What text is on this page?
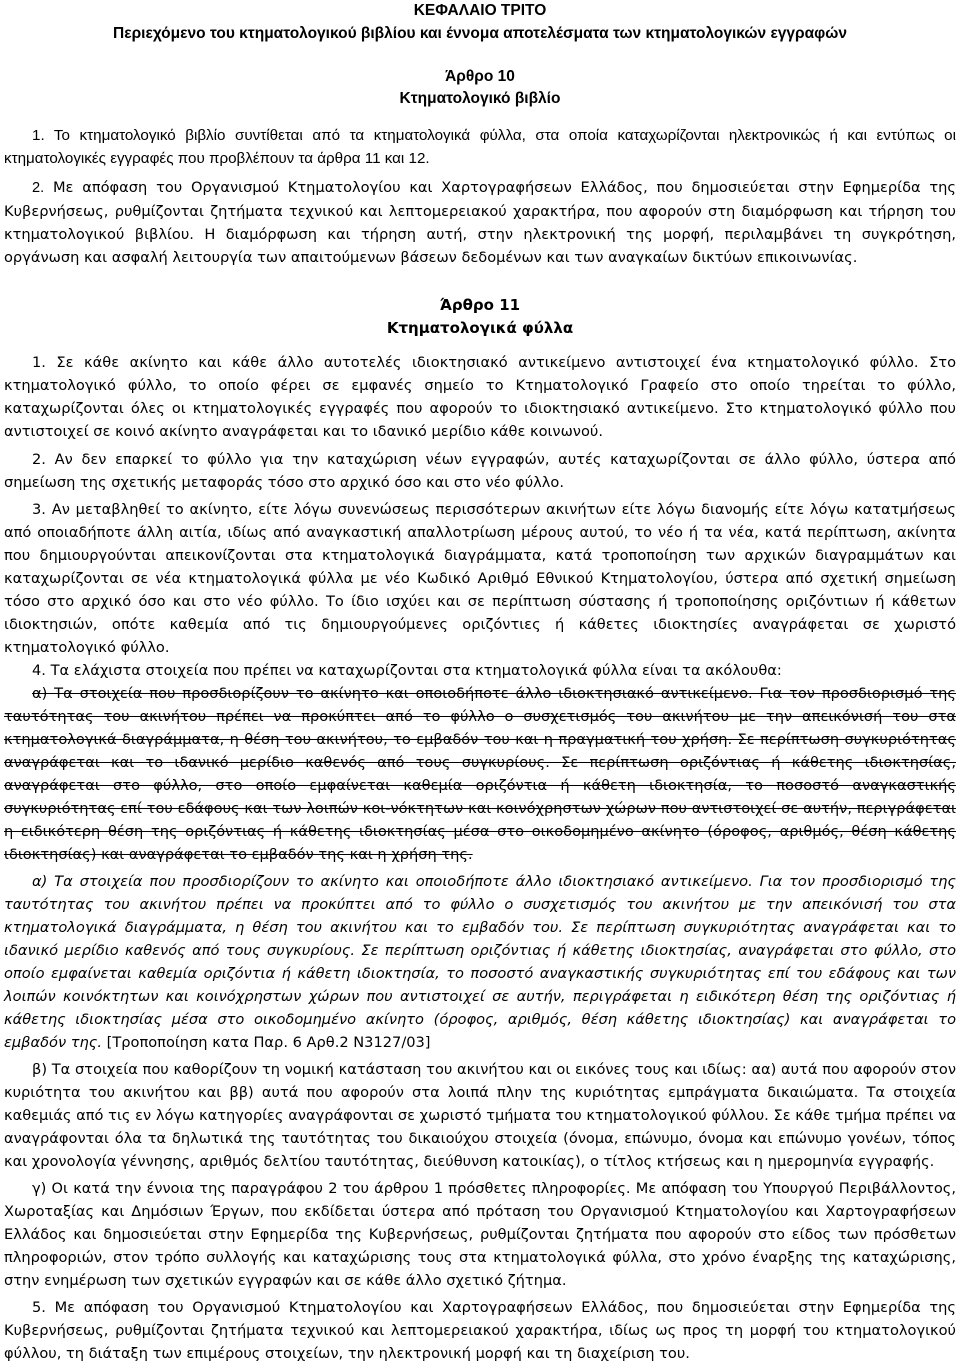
ΚΕΦΑΛΑΙΟ ΤΡΙΤΟ
Περιεχόμενο του κτηματολογικού βιβλίου και έννομα αποτελέσματα των κτηματολογικών εγγραφών
Άρθρο 10
Κτηματολογικό βιβλίο

1. Το κτηματολογικό βιβλίο συντίθεται από τα κτηματολογικά φύλλα, στα οποία καταχωρίζονται ηλεκτρονικώς ή και εντύπως οι κτηματολογικές εγγραφές που προβλέπουν τα άρθρα 11 και 12.

2. Με απόφαση του Οργανισμού Κτηματολογίου και Χαρτογραφήσεων Ελλάδος, που δημοσιεύεται στην Εφημερίδα της Κυβερνήσεως, ρυθμίζονται ζητήματα τεχνικού και λεπτομερειακού χαρακτήρα, που αφορούν στη διαμόρφωση και τήρηση του κτηματολογικού βιβλίου. Η διαμόρφωση και τήρηση αυτή, στην ηλεκτρονική της μορφή, περιλαμβάνει τη συγκρότηση, οργάνωση και ασφαλή λειτουργία των απαιτούμενων βάσεων δεδομένων και των αναγκαίων δικτύων επικοινωνίας.

Άρθρο 11
Κτηματολογικά φύλλα

1. Σε κάθε ακίνητο και κάθε άλλο αυτοτελές ιδιοκτησιακό αντικείμενο αντιστοιχεί ένα κτηματολογικό φύλλο. Στο κτηματολογικό φύλλο, το οποίο φέρει σε εμφανές σημείο το Κτηματολογικό Γραφείο στο οποίο τηρείται το φύλλο, καταχωρίζονται όλες οι κτηματολογικές εγγραφές που αφορούν το ιδιοκτησιακό αντικείμενο. Στο κτηματολογικό φύλλο που αντιστοιχεί σε κοινό ακίνητο αναγράφεται και το ιδανικό μερίδιο κάθε κοινωνού.

2. Αν δεν επαρκεί το φύλλο για την καταχώριση νέων εγγραφών, αυτές καταχωρίζονται σε άλλο φύλλο, ύστερα από σημείωση της σχετικής μεταφοράς τόσο στο αρχικό όσο και στο νέο φύλλο.

3. Αν μεταβληθεί το ακίνητο, είτε λόγω συνενώσεως περισσότερων ακινήτων είτε λόγω διανομής είτε λόγω κατατμήσεως από οποιαδήποτε άλλη αιτία, ιδίως από αναγκαστική απαλλοτρίωση μέρους αυτού, το νέο ή τα νέα, κατά περίπτωση, ακίνητα που δημιουργούνται απεικονίζονται στα κτηματολογικά διαγράμματα, κατά τροποποίηση των αρχικών διαγραμμάτων και καταχωρίζονται σε νέα κτηματολογικά φύλλα με νέο Κωδικό Αριθμό Εθνικού Κτηματολογίου, ύστερα από σχετική σημείωση τόσο στο αρχικό όσο και στο νέο φύλλο. Το ίδιο ισχύει και σε περίπτωση σύστασης ή τροποποίησης οριζόντιων ή κάθετων ιδιοκτησιών, οπότε καθεμία από τις δημιουργούμενες οριζόντιες ή κάθετες ιδιοκτησίες αναγράφεται σε χωριστό κτηματολογικό φύλλο.

4. Τα ελάχιστα στοιχεία που πρέπει να καταχωρίζονται στα κτηματολογικά φύλλα είναι τα ακόλουθα:

α) Τα στοιχεία που προσδιορίζουν το ακίνητο και οποιοδήποτε άλλο ιδιοκτησιακό αντικείμενο. Για τον προσδιορισμό της ταυτότητας του ακινήτου πρέπει να προκύπτει από το φύλλο ο συσχετισμός του ακινήτου με την απεικόνισή του στα κτηματολογικά διαγράμματα, η θέση του ακινήτου, το εμβαδόν του και η πραγματική του χρήση. Σε περίπτωση συγκυριότητας αναγράφεται και το ιδανικό μερίδιο καθενός από τους συγκυρίους. Σε περίπτωση οριζόντιας ή κάθετης ιδιοκτησίας, αναγράφεται στο φύλλο, στο οποίο εμφαίνεται καθεμία οριζόντια ή κάθετη ιδιοκτησία, το ποσοστό αναγκαστικής συγκυριότητας επί του εδάφους και των λοιπών κοι-νόκτητων και κοινόχρηστων χώρων που αντιστοιχεί σε αυτήν, περιγράφεται η ειδικότερη θέση της οριζόντιας ή κάθετης ιδιοκτησίας μέσα στο οικοδομημένο ακίνητο (όροφος, αριθμός, θέση κάθετης ιδιοκτησίας) και αναγράφεται το εμβαδόν της και η χρήση της.

α) Τα στοιχεία που προσδιορίζουν το ακίνητο και οποιοδήποτε άλλο ιδιοκτησιακό αντικείμενο. Για τον προσδιορισμό της ταυτότητας του ακινήτου πρέπει να προκύπτει από το φύλλο ο συσχετισμός του ακινήτου με την απεικόνισή του στα κτηματολογικά διαγράμματα, η θέση του ακινήτου και το εμβαδόν του. Σε περίπτωση συγκυριότητας αναγράφεται και το ιδανικό μερίδιο καθενός από τους συγκυρίους. Σε περίπτωση οριζόντιας ή κάθετης ιδιοκτησίας, αναγράφεται στο φύλλο, στο οποίο εμφαίνεται καθεμία οριζόντια ή κάθετη ιδιοκτησία, το ποσοστό αναγκαστικής συγκυριότητας επί του εδάφους και των λοιπών κοινόκτητων και κοινόχρηστων χώρων που αντιστοιχεί σε αυτήν, περιγράφεται η ειδικότερη θέση της οριζόντιας ή κάθετης ιδιοκτησίας μέσα στο οικοδομημένο ακίνητο (όροφος, αριθμός, θέση κάθετης ιδιοκτησίας) και αναγράφεται το εμβαδόν της. [Τροποποίηση κατα Παρ. 6 Αρθ.2 Ν3127/03]

β) Τα στοιχεία που καθορίζουν τη νομική κατάσταση του ακινήτου και οι εικόνες τους και ιδίως: αα) αυτά που αφορούν στον κυριότητα του ακινήτου και ββ) αυτά που αφορούν στα λοιπά πλην της κυριότητας εμπράγματα δικαιώματα. Τα στοιχεία καθεμιάς από τις εν λόγω κατηγορίες αναγράφονται σε χωριστό τμήματα του κτηματολογικού φύλλου. Σε κάθε τμήμα πρέπει να αναγράφονται όλα τα δηλωτικά της ταυτότητας του δικαιούχου στοιχεία (όνομα, επώνυμο, όνομα και επώνυμο γονέων, τόπος και χρονολογία γέννησης, αριθμός δελτίου ταυτότητας, διεύθυνση κατοικίας), ο τίτλος κτήσεως και η ημερομηνία εγγραφής.

γ) Οι κατά την έννοια της παραγράφου 2 του άρθρου 1 πρόσθετες πληροφορίες. Με απόφαση του Υπουργού Περιβάλλοντος, Χωροταξίας και Δημόσιων Έργων, που εκδίδεται ύστερα από πρόταση του Οργανισμού Κτηματολογίου και Χαρτογραφήσεων Ελλάδος και δημοσιεύεται στην Εφημερίδα της Κυβερνήσεως, ρυθμίζονται ζητήματα που αφορούν στο είδος των πρόσθετων πληροφοριών, στον τρόπο συλλογής και καταχώρισης τους στα κτηματολογικά φύλλα, στο χρόνο έναρξης της καταχώρισης, στην ενημέρωση των σχετικών εγγραφών και σε κάθε άλλο σχετικό ζήτημα.

5. Με απόφαση του Οργανισμού Κτηματολογίου και Χαρτογραφήσεων Ελλάδος, που δημοσιεύεται στην Εφημερίδα της Κυβερνήσεως, ρυθμίζονται ζητήματα τεχνικού και λεπτομερειακού χαρακτήρα, ιδίως ως προς τη μορφή του κτηματολογικού φύλλου, τη διάταξη των επιμέρους στοιχείων, την ηλεκτρονική μορφή και τη διαχείριση του.
